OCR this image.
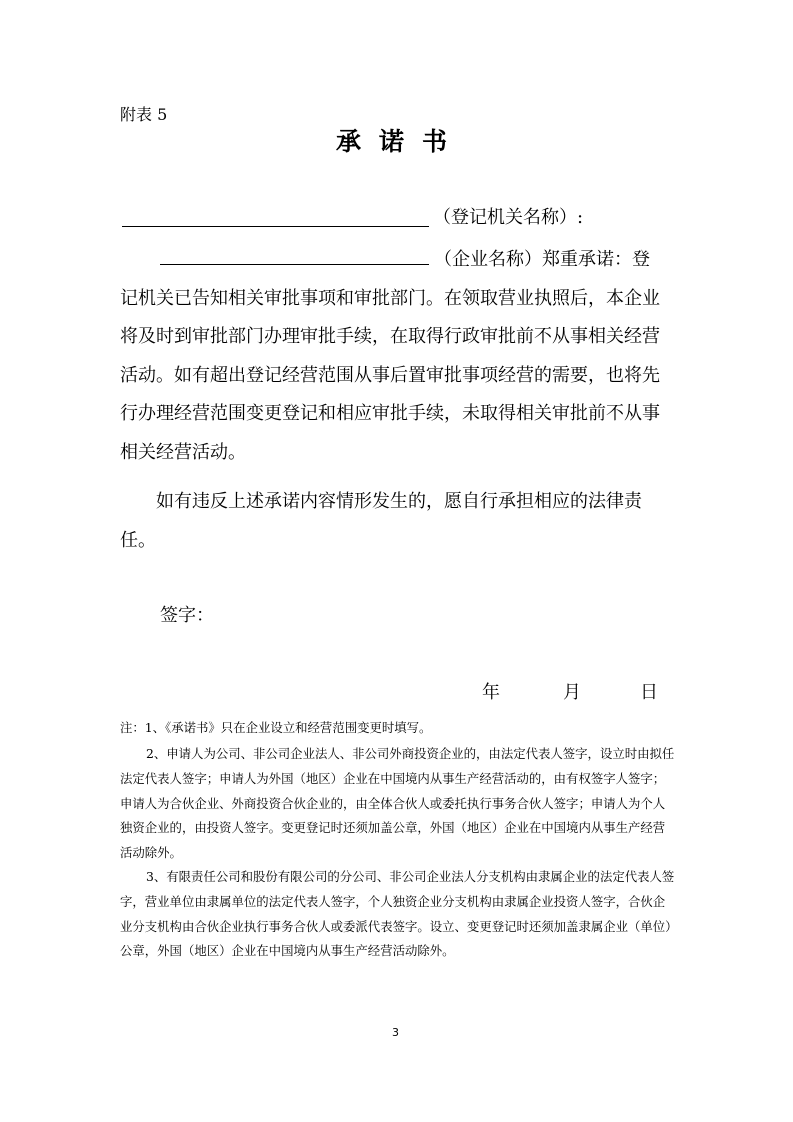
附表 5
承诺书
（登记机关名称）:
（企业名称）郑重承诺：登
记机关已告知相关审批事项和审批部门。在领取营业执照后，本企业将及时到审批部门办理审批手续，在取得行政审批前不从事相关经营活动。如有超出登记经营范围从事后置审批事项经营的需要，也将先行办理经营范围变更登记和相应审批手续，未取得相关审批前不从事相关经营活动。

如有违反上述承诺内容情形发生的，愿自行承担相应的法律责任。

签字：
年	月	日

注：1、《承诺书》只在企业设立和经营范围变更时填写。

2、申请人为公司、非公司企业法人、非公司外商投资企业的，由法定代表人签字，设立时由拟任法定代表人签字；申请人为外国（地区）企业在中国境内从事生产经营活动的，由有权签字人签字；申请人为合伙企业、外商投资合伙企业的，由全体合伙人或委托执行事务合伙人签字；申请人为个人独资企业的，由投资人签字。变更登记时还须加盖公章，外国（地区）企业在中国境内从事生产经营活动除外。

3、有限责任公司和股份有限公司的分公司、非公司企业法人分支机构由隶属企业的法定代表人签字，营业单位由隶属单位的法定代表人签字，个人独资企业分支机构由隶属企业投资人签字，合伙企业分支机构由合伙企业执行事务合伙人或委派代表签字。设立、变更登记时还须加盖隶属企业（单位）公章，外国（地区）企业在中国境内从事生产经营活动除外。

3
